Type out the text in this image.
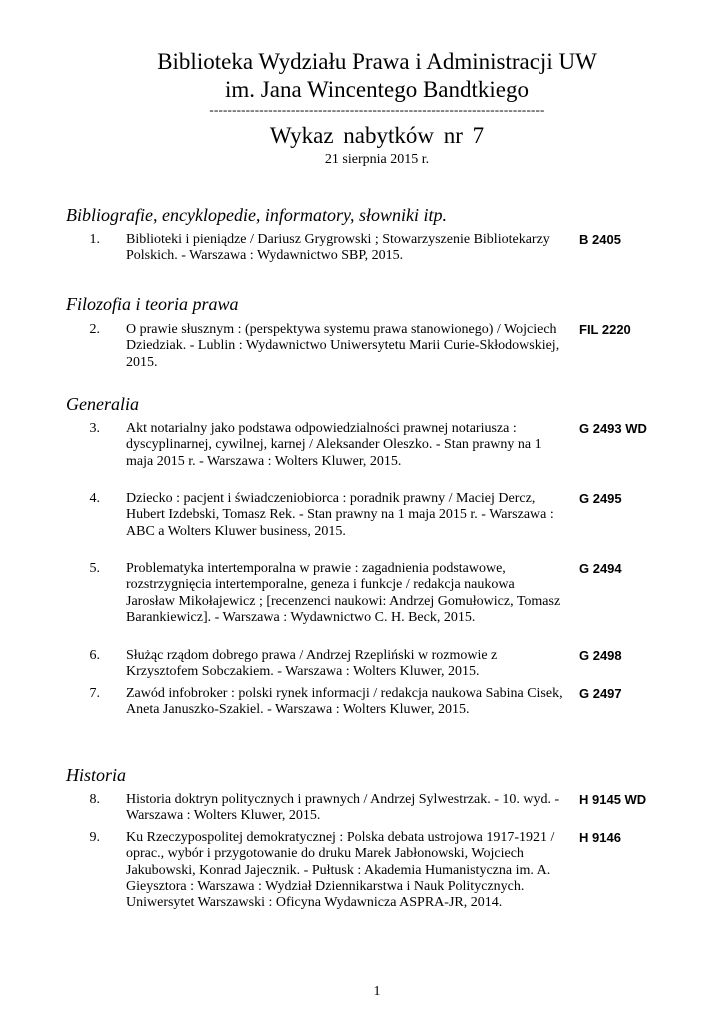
Biblioteka Wydziału Prawa i Administracji UW
im. Jana Wincentego Bandtkiego
--------------------------------------------------------------------------
Wykaz nabytków nr 7
21 sierpnia 2015 r.
Bibliografie, encyklopedie, informatory, słowniki itp.
1. Biblioteki i pieniądze / Dariusz Grygrowski ; Stowarzyszenie Bibliotekarzy Polskich. - Warszawa : Wydawnictwo SBP, 2015.
B 2405
Filozofia i teoria prawa
2. O prawie słusznym : (perspektywa systemu prawa stanowionego) / Wojciech Dziedziak. - Lublin : Wydawnictwo Uniwersytetu Marii Curie-Skłodowskiej, 2015.
FIL 2220
Generalia
3. Akt notarialny jako podstawa odpowiedzialności prawnej notariusza : dyscyplinarnej, cywilnej, karnej / Aleksander Oleszko. - Stan prawny na 1 maja 2015 r. - Warszawa : Wolters Kluwer, 2015.
G 2493 WD
4. Dziecko : pacjent i świadczeniobiorca : poradnik prawny / Maciej Dercz, Hubert Izdebski, Tomasz Rek. - Stan prawny na 1 maja 2015 r. - Warszawa : ABC a Wolters Kluwer business, 2015.
G 2495
5. Problematyka intertemporalna w prawie : zagadnienia podstawowe, rozstrzygnięcia intertemporalne, geneza i funkcje / redakcja naukowa Jarosław Mikołajewicz ; [recenzenci naukowi: Andrzej Gomułowicz, Tomasz Barankiewicz]. - Warszawa : Wydawnictwo C. H. Beck, 2015.
G 2494
6. Służąc rządom dobrego prawa / Andrzej Rzepliński w rozmowie z Krzysztofem Sobczakiem. - Warszawa : Wolters Kluwer, 2015.
G 2498
7. Zawód infobroker : polski rynek informacji / redakcja naukowa Sabina Cisek, Aneta Januszko-Szakiel. - Warszawa : Wolters Kluwer, 2015.
G 2497
Historia
8. Historia doktryn politycznych i prawnych / Andrzej Sylwestrzak. - 10. wyd. - Warszawa : Wolters Kluwer, 2015.
H 9145 WD
9. Ku Rzeczypospolitej demokratycznej : Polska debata ustrojowa 1917-1921 / oprac., wybór i przygotowanie do druku Marek Jabłonowski, Wojciech Jakubowski, Konrad Jajecznik. - Pułtusk : Akademia Humanistyczna im. A. Gieysztora : Warszawa : Wydział Dziennikarstwa i Nauk Politycznych. Uniwersytet Warszawski : Oficyna Wydawnicza ASPRA-JR, 2014.
H 9146
1
